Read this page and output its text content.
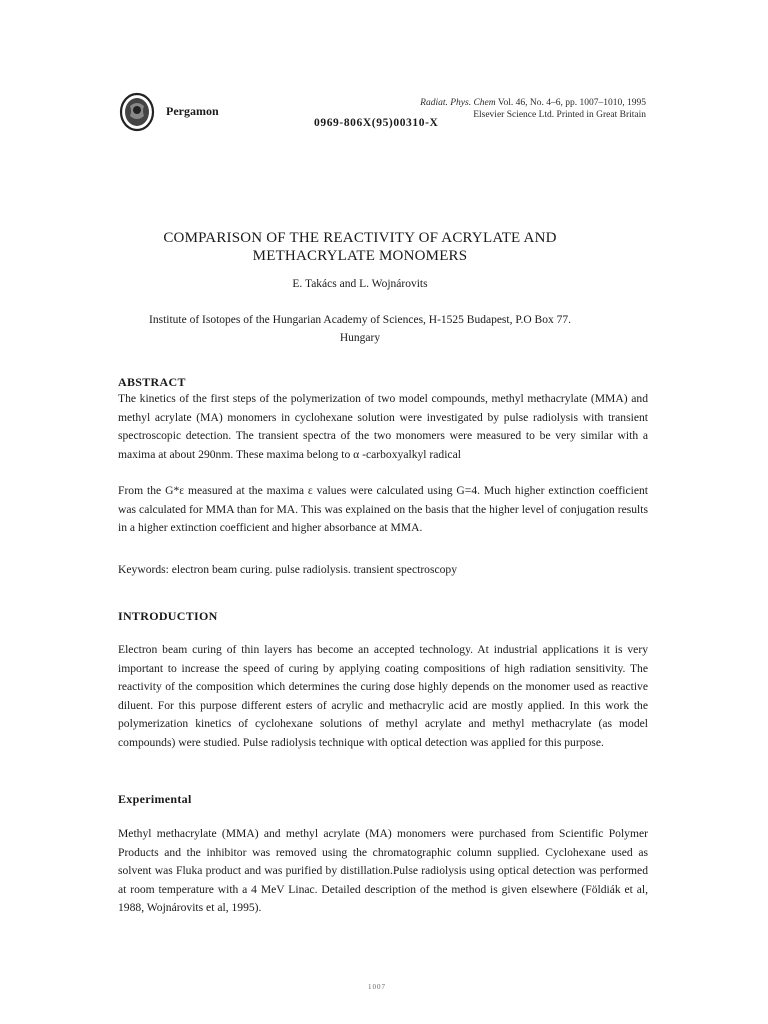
Pergamon
Radiat. Phys. Chem Vol. 46, No. 4–6, pp. 1007–1010, 1995
Elsevier Science Ltd. Printed in Great Britain
0969-806X(95)00310-X
COMPARISON OF THE REACTIVITY OF ACRYLATE AND
METHACRYLATE MONOMERS
E. Takács and L. Wojnárovits
Institute of Isotopes of the Hungarian Academy of Sciences, H-1525 Budapest, P.O Box 77.
Hungary
ABSTRACT
The kinetics of the first steps of the polymerization of two model compounds, methyl methacrylate (MMA) and methyl acrylate (MA) monomers in cyclohexane solution were investigated by pulse radiolysis with transient spectroscopic detection. The transient spectra of the two monomers were measured to be very similar with a maxima at about 290nm. These maxima belong to α -carboxyalkyl radical
From the G*ε measured at the maxima ε values were calculated using G=4. Much higher extinction coefficient was calculated for MMA than for MA. This was explained on the basis that the higher level of conjugation results in a higher extinction coefficient and higher absorbance at MMA.
Keywords: electron beam curing. pulse radiolysis. transient spectroscopy
INTRODUCTION
Electron beam curing of thin layers has become an accepted technology. At industrial applications it is very important to increase the speed of curing by applying coating compositions of high radiation sensitivity. The reactivity of the composition which determines the curing dose highly depends on the monomer used as reactive diluent. For this purpose different esters of acrylic and methacrylic acid are mostly applied. In this work the polymerization kinetics of cyclohexane solutions of methyl acrylate and methyl methacrylate (as model compounds) were studied. Pulse radiolysis technique with optical detection was applied for this purpose.
Experimental
Methyl methacrylate (MMA) and methyl acrylate (MA) monomers were purchased from Scientific Polymer Products and the inhibitor was removed using the chromatographic column supplied. Cyclohexane used as solvent was Fluka product and was purified by distillation.Pulse radiolysis using optical detection was performed at room temperature with a 4 MeV Linac. Detailed description of the method is given elsewhere (Földiák et al, 1988, Wojnárovits et al, 1995).
1007
